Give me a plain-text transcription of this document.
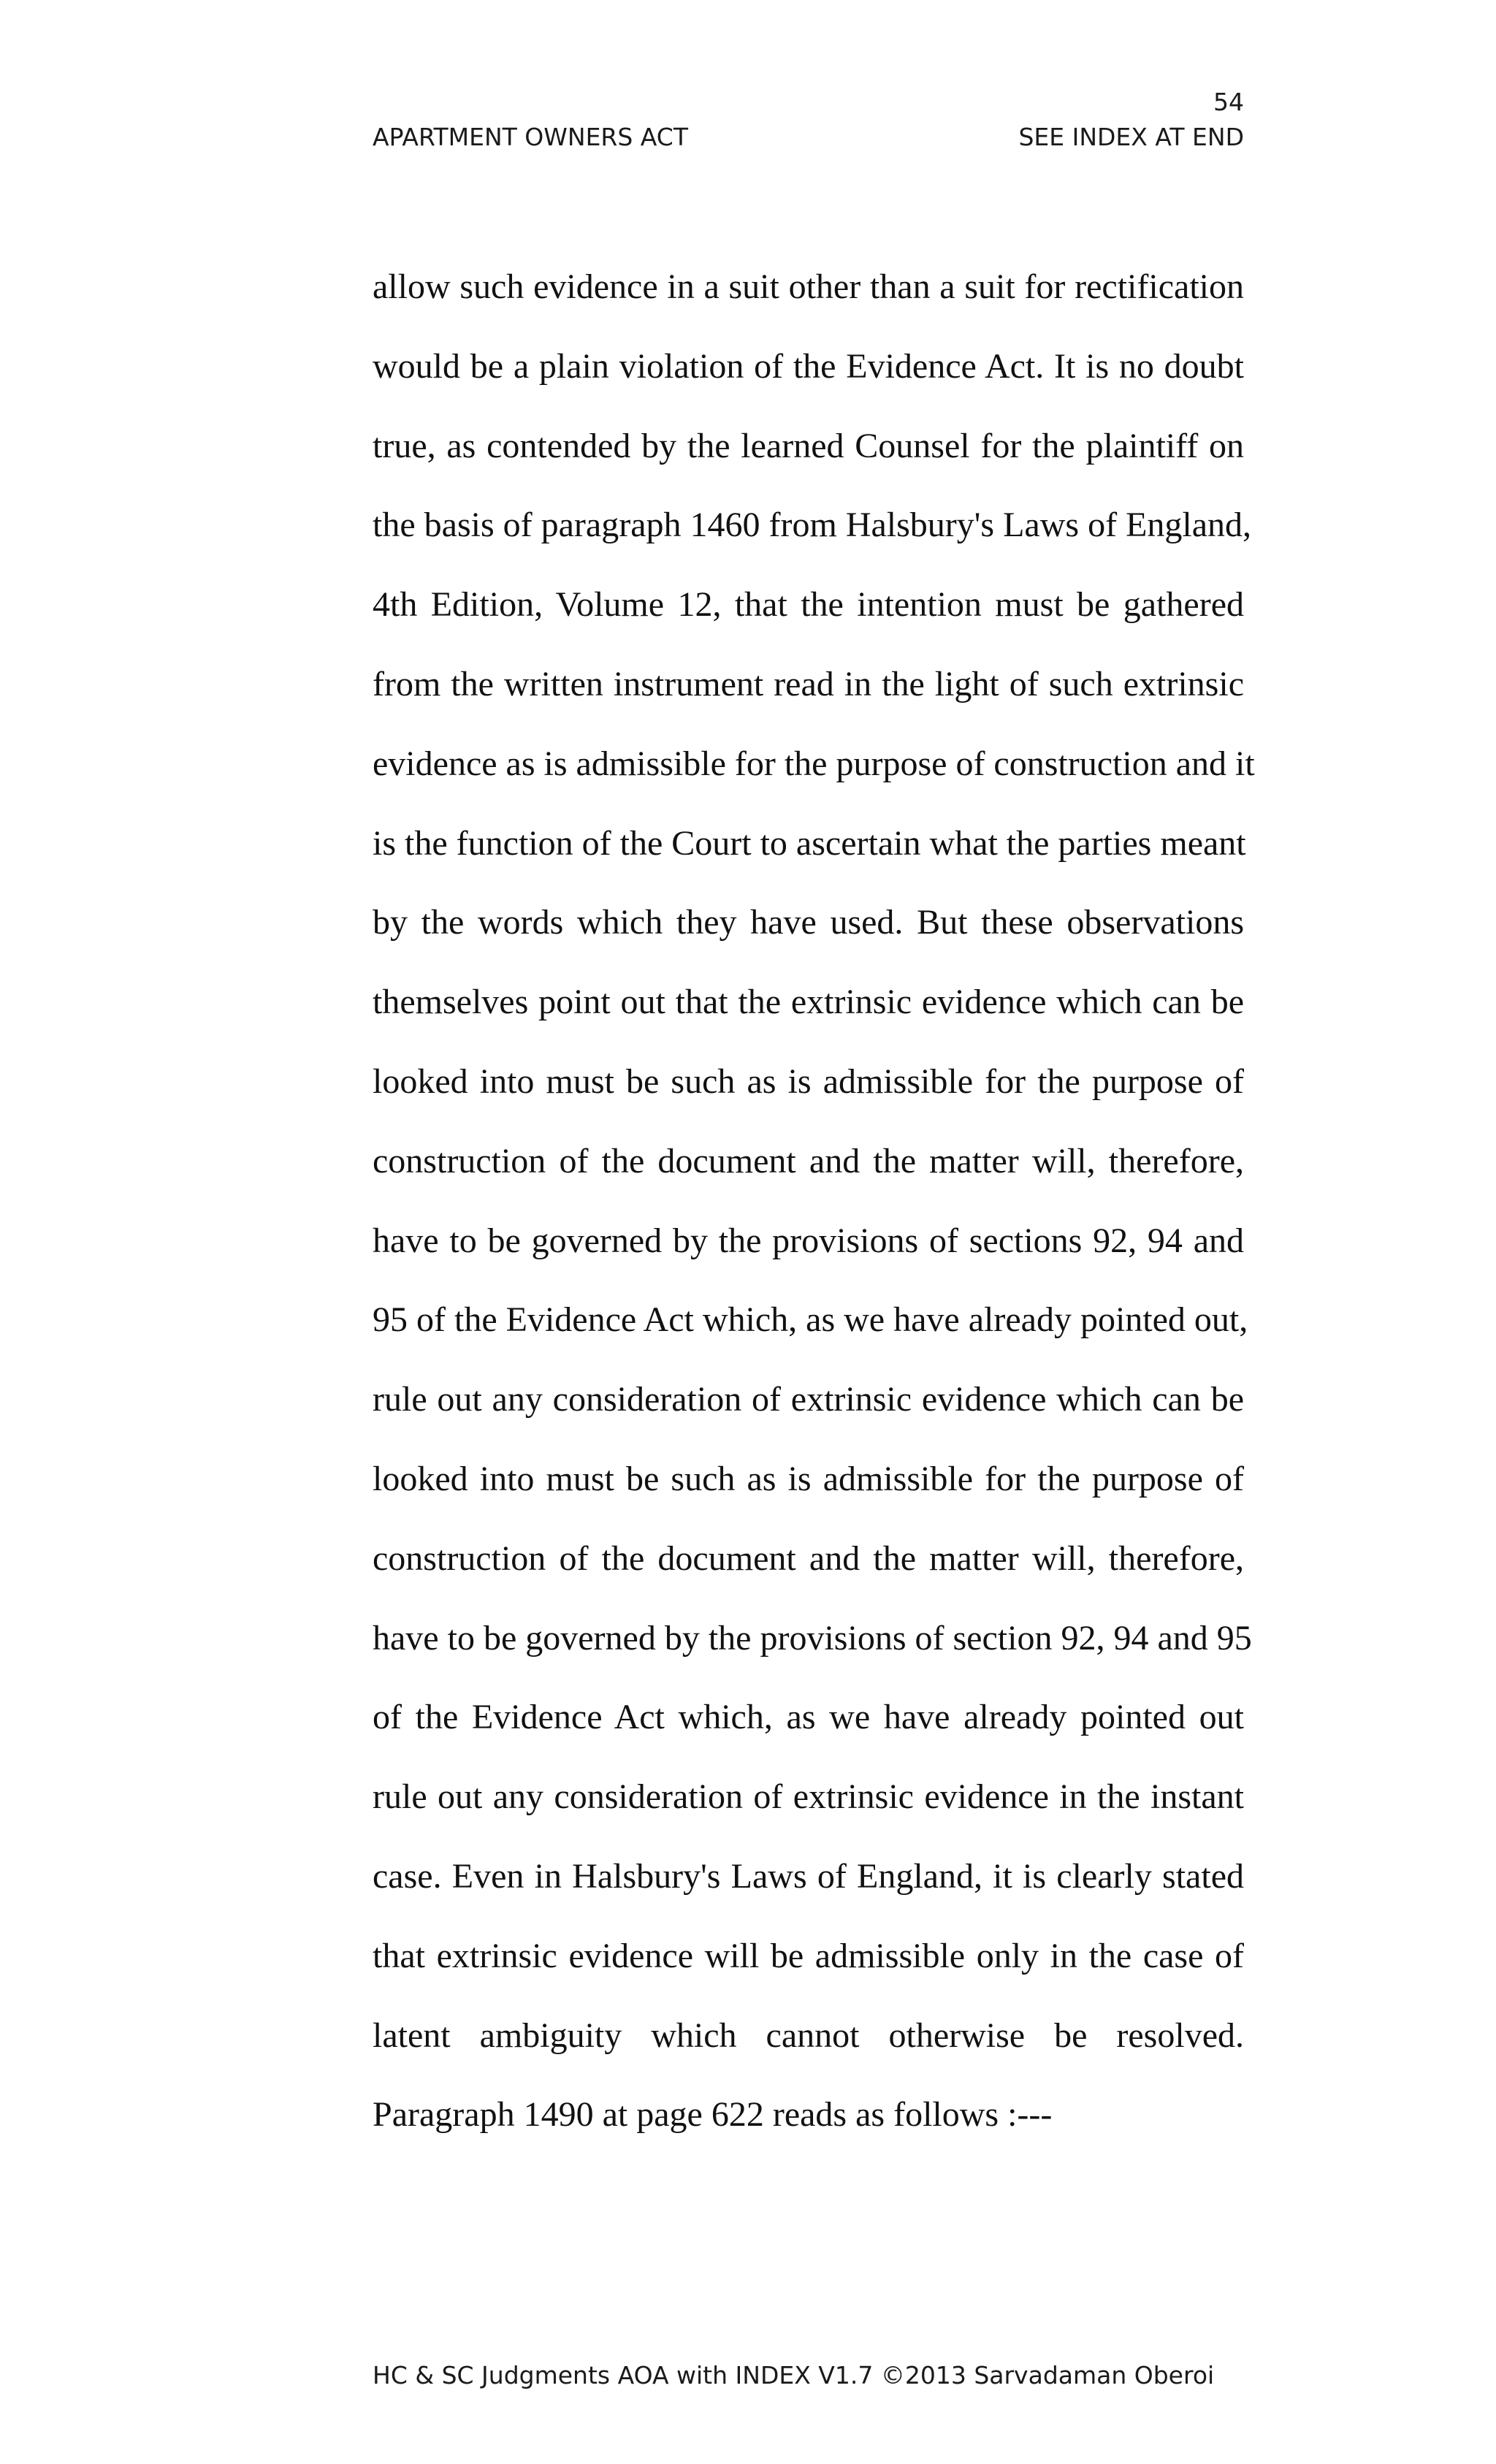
54
APARTMENT OWNERS ACT	SEE INDEX AT END
allow such evidence in a suit other than a suit for rectification
would be a plain violation of the Evidence Act. It is no doubt
true, as contended by the learned Counsel for the plaintiff on
the basis of paragraph 1460 from Halsbury's Laws of England,
4th Edition, Volume 12, that the intention must be gathered
from the written instrument read in the light of such extrinsic
evidence as is admissible for the purpose of construction and it
is the function of the Court to ascertain what the parties meant
by the words which they have used. But these observations
themselves point out that the extrinsic evidence which can be
looked into must be such as is admissible for the purpose of
construction of the document and the matter will, therefore,
have to be governed by the provisions of sections 92, 94 and
95 of the Evidence Act which, as we have already pointed out,
rule out any consideration of extrinsic evidence which can be
looked into must be such as is admissible for the purpose of
construction of the document and the matter will, therefore,
have to be governed by the provisions of section 92, 94 and 95
of the Evidence Act which, as we have already pointed out
rule out any consideration of extrinsic evidence in the instant
case. Even in Halsbury's Laws of England, it is clearly stated
that extrinsic evidence will be admissible only in the case of
latent ambiguity which cannot otherwise be resolved.
Paragraph 1490 at page 622 reads as follows :---
HC & SC Judgments AOA with INDEX V1.7 ©2013 Sarvadaman Oberoi
